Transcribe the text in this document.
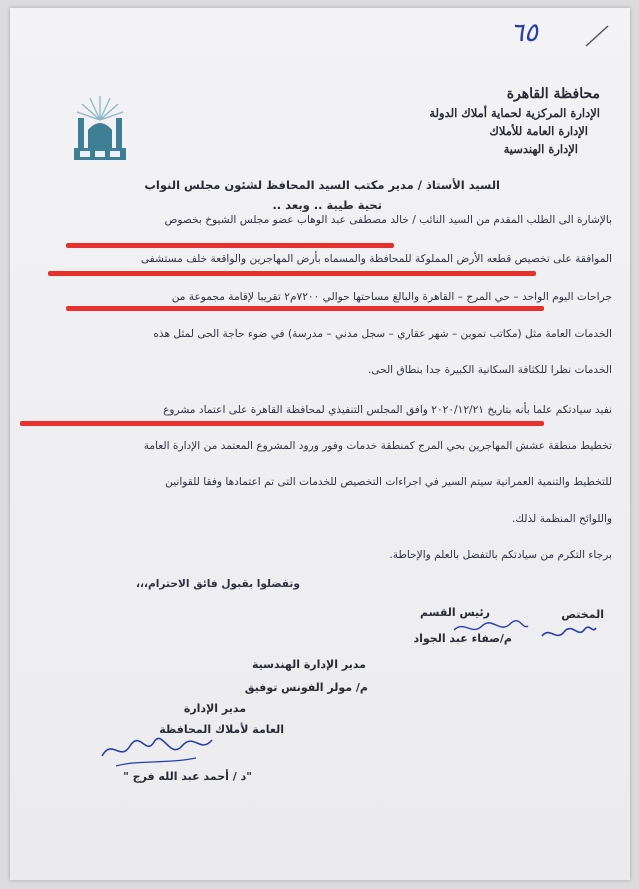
٦٥
محافظة القاهرة
الإدارة المركزية لحماية أملاك الدولة
الإدارة العامة للأملاك
الإدارة الهندسية
السيد الأستاذ / مدير مكتب السيد المحافظ لشئون مجلس النواب
تحية طيبة .. وبعد ..
بالإشارة الى الطلب المقدم من السيد النائب / خالد مصطفى عبد الوهاب عضو مجلس الشيوخ بخصوص
الموافقة على تخصيص قطعه الأرض المملوكة للمحافظة والمسماه بأرض المهاجرين والواقعة خلف مستشفى
جراحات اليوم الواحد – حي المرج – القاهرة والبالغ مساحتها حوالي ٧٢٠٠م٢ تقريبا لإقامة مجموعة من
الخدمات العامة مثل (مكاتب تموين – شهر عقاري – سجل مدني – مدرسة) في ضوء حاجة الحى لمثل هذه
الخدمات نظرا للكثافة السكانية الكبيرة جدا بنطاق الحى.
نفيد سيادتكم علما بأنه بتاريخ ٢٠٢٠/١٢/٢١ وافق المجلس التنفيذي لمحافظة القاهرة على اعتماد مشروع
تخطيط منطقة عشش المهاجرين بحي المرج كمنطقة خدمات وفور ورود المشروع المعتمد من الإدارة العامة
للتخطيط والتنمية العمرانية سيتم السير في اجراءات التخصيص للخدمات التى تم اعتمادها وفقا للقوانين
واللوائح المنظمة لذلك.
برجاء التكرم من سيادتكم بالتفضل بالعلم والإحاطة.
وتفضلوا بقبول فائق الاحترام،،،
المختص
رئيس القسم
م/صفاء عبد الجواد
مدير الإدارة الهندسية
م/ مولر الفونس توفيق
مدير الإدارة
العامة لأملاك المحافظة
"د / أحمد عبد الله فرج "
